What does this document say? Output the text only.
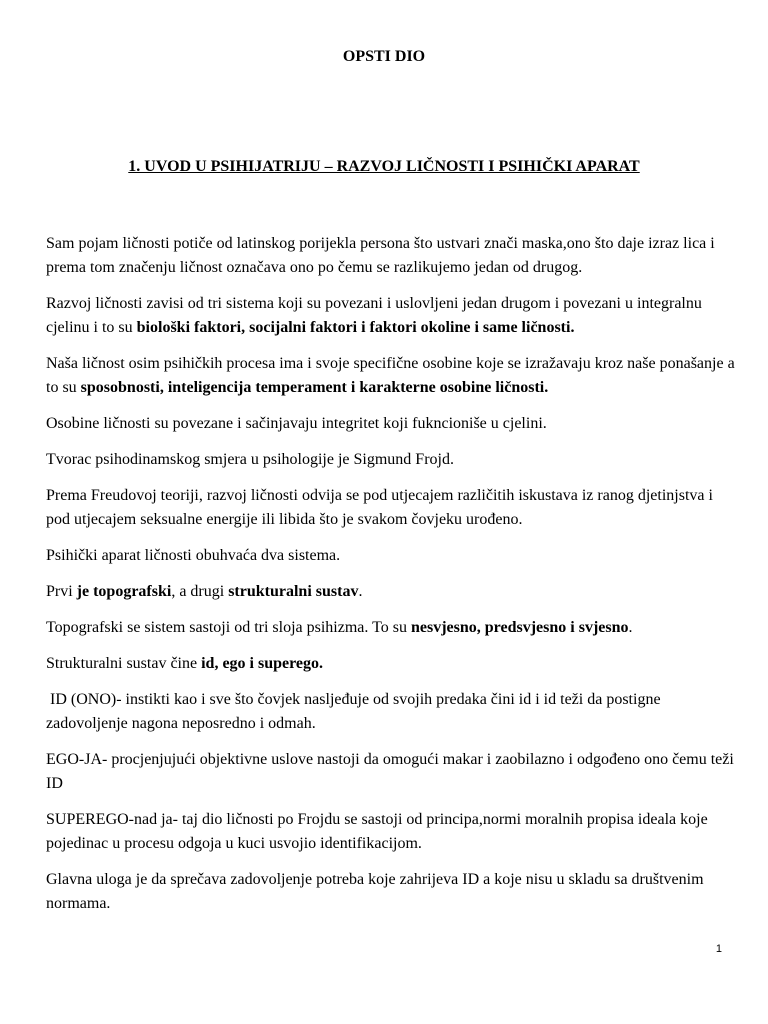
OPSTI DIO
1. UVOD U PSIHIJATRIJU – RAZVOJ LIČNOSTI I PSIHIČKI APARAT

Sam pojam ličnosti potiče od latinskog porijekla persona što ustvari znači maska,ono što daje izraz lica i prema tom značenju ličnost označava ono po čemu se razlikujemo jedan od drugog.

Razvoj ličnosti zavisi od tri sistema koji su povezani i uslovljeni jedan drugom i povezani u integralnu cjelinu i to su biološki faktori, socijalni faktori i faktori okoline i same ličnosti.

Naša ličnost osim psihičkih procesa ima i svoje specifične osobine koje se izražavaju kroz naše ponašanje a to su sposobnosti, inteligencija temperament i karakterne osobine ličnosti.

Osobine ličnosti su povezane i sačinjavaju integritet koji fukncioniše u cjelini.

Tvorac psihodinamskog smjera u psihologije je Sigmund Frojd.

Prema Freudovoj teoriji, razvoj ličnosti odvija se pod utjecajem različitih iskustava iz ranog djetinjstva i pod utjecajem seksualne energije ili libida što je svakom čovjeku urođeno.

Psihički aparat ličnosti obuhvaća dva sistema.

Prvi je topografski, a drugi strukturalni sustav.

Topografski se sistem sastoji od tri sloja psihizma. To su nesvjesno, predsvjesno i svjesno.

Strukturalni sustav čine id, ego i superego.

ID (ONO)- instikti kao i sve što čovjek nasljeđuje od svojih predaka čini id i id teži da postigne zadovoljenje nagona neposredno i odmah.

EGO-JA- procjenjujući objektivne uslove nastoji da omogući makar i zaobilazno i odgođeno ono čemu teži ID

SUPEREGO-nad ja- taj dio ličnosti po Frojdu se sastoji od principa,normi moralnih propisa ideala koje pojedinac u procesu odgoja u kuci usvojio identifikacijom.

Glavna uloga je da sprečava zadovoljenje potreba koje zahrijeva ID a koje nisu u skladu sa društvenim normama.

1
